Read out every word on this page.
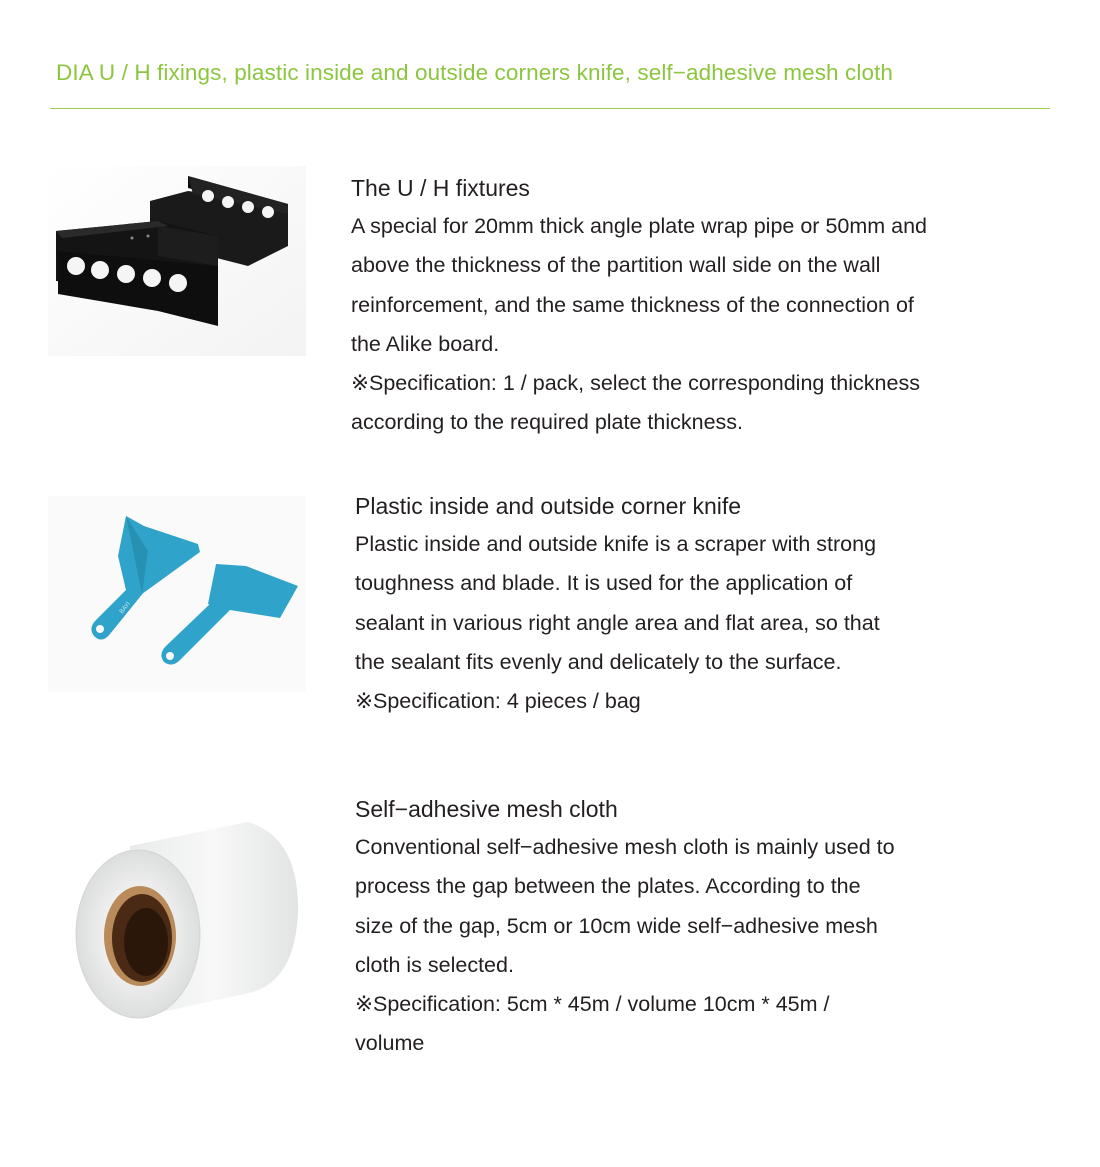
DIA U / H fixings, plastic inside and outside corners knife, self−adhesive mesh cloth
The U / H fixtures

A special for 20mm thick angle plate wrap pipe or 50mm and
above the thickness of the partition wall side on the wall
reinforcement, and the same thickness of the connection of
the Alike board.
※Specification: 1 / pack, select the corresponding thickness
according to the required plate thickness.

BAYI
Plastic inside and outside corner knife

Plastic inside and outside knife is a scraper with strong
toughness and blade. It is used for the application of
sealant in various right angle area and flat area, so that
the sealant fits evenly and delicately to the surface.
※Specification: 4 pieces / bag

Self−adhesive mesh cloth

Conventional self−adhesive mesh cloth is mainly used to
process the gap between the plates. According to the
size of the gap, 5cm or 10cm wide self−adhesive mesh
cloth is selected.
※Specification: 5cm * 45m / volume 10cm * 45m /
volume
